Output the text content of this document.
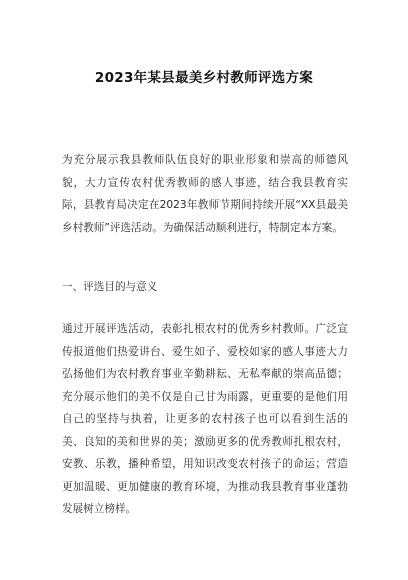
2023年某县最美乡村教师评选方案

为充分展示我县教师队伍良好的职业形象和崇高的师德风貌，大力宣传农村优秀教师的感人事迹，结合我县教育实际，县教育局决定在2023年教师节期间持续开展“XX县最美乡村教师”评选活动。为确保活动顺利进行，特制定本方案。

一、评选目的与意义

通过开展评选活动，表彰扎根农村的优秀乡村教师。广泛宣传报道他们热爱讲台、爱生如子、爱校如家的感人事迹大力弘扬他们为农村教育事业辛勤耕耘、无私奉献的崇高品德；充分展示他们的美不仅是自己甘为雨露，更重要的是他们用自己的坚持与执着，让更多的农村孩子也可以看到生活的美、良知的美和世界的美；激励更多的优秀教师扎根农村，安教、乐教，播种希望，用知识改变农村孩子的命运；营造更加温暖、更加健康的教育环境，为推动我县教育事业蓬勃发展树立榜样。
